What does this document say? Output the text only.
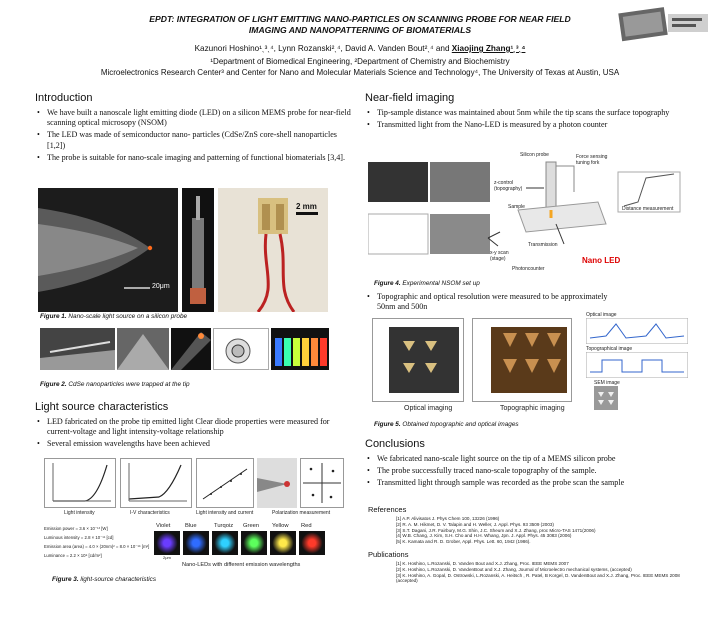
EPDT: INTEGRATION OF LIGHT EMITTING NANO-PARTICLES ON SCANNING PROBE FOR NEAR FIELD
IMAGING AND NANOPATTERNING OF BIOMATERIALS
Kazunori Hoshino¹ˎ³ˎ⁴, Lynn Rozanski²ˎ⁴, David A. Vanden Bout²ˎ⁴ and Xiaojing Zhang¹ˎ³ˎ⁴
¹Department of Biomedical Engineering, ²Department of Chemistry and Biochemistry
Microelectronics Research Center³ and Center for Nano and Molecular Materials Science and Technology⁴, The University of Texas at Austin, USA
Introduction
• We have built a nanoscale light emitting diode (LED) on a silicon MEMS probe for near-field scanning optical microsopy (NSOM)
• The LED was made of semiconductor nano- particles (CdSe/ZnS core-shell nanoparticles [1,2])
• The probe is suitable for nano-scale imaging and patterning of functional biomaterials [3,4].
20μm
2 mm
Figure 1. Nano-scale light source on a silicon probe
Figure 2. CdSe nanoparticles were trapped at the tip
Light source characteristics
• LED fabricated on the probe tip emitted light Clear diode properties were measured for current-voltage and light intensity-voltage relationship
• Several emission wavelengths have been achieved
Light intensity	I-V characteristics	Light intensity and current	Polarization measurement
Emission power = 3.6 × 10⁻¹³ [W]
Luminous intensity = 2.8 × 10⁻¹¹ [cd]
Emission area (area) = 4.0 × (20nm)² = 8.0 × 10⁻¹⁶ [m²]
Luminance = 2.2 × 10⁵ [cd/m²]
Violet	Blue	Turqoiz Green Yellow Red
Nano-LEDs with different emission wavelengths
2μm
Figure 3. light-source characteristics
Near-field imaging
• Tip-sample distance was maintained about 5nm while the tip scans the surface topography
• Transmitted light from the Nano-LED is measured by a photon counter
Silicon probe	Force sensing tuning fork
z-control (topography)
Sample
Transmission
x-y scan (stage)
Photoncounter
Nano LED
Distance measurement
Figure 4. Experimental NSOM set up
• Topographic and optical resolution were measured to be approximately 50nm and 500n
Optical imaging	Topographic imaging
Optical image
Topographical image
SEM image
Figure 5. Obtained topographic and optical images
Conclusions
• We fabricated nano-scale light source on the tip of a MEMS silicon probe
• The probe successfully traced nano-scale topography of the sample.
• Transmitted light through sample was recorded as the probe scan the sample
References
[1] A.P. Alivisatos J. Phys Chem 100, 13226 (1996)
[2] R. A. M. Hikmet, D. V. Talapin and H. Weller, J. Appl. Phys. 93 3509 (2003)
[3] S.T. Dagani, J.R. Fairbury, M.G. Shin, J.C. Sheum and X.J. Zhang, proc Micro-TAS 1471(2006)
[4] W.B. Chang, J. Kim, S.H. Cho and H.H. Whang, Jpn. J. Appl. Phys. 45 3083 (2006)
[5] K. Kamata and R. D. Grober, Appl. Phys. Lett. 60, 1942 (1986).
Publications
[1] K. Hoshino, L.Rozanski, D. Vanden Bout and X.J. Zhang, Proc. IEEE MEMS 2007
[2] K. Hoshino, L.Rozanski, D. VandenBout and X.J. Zhang, Journal of Microelectro mechanical systems, (accepted)
[3] K. Hoshino, A. Gopal, D. Ostrowski, L.Rozanski, A. Heitsch , R. Patel, B Korgel, D. VandenBout and X.J. Zhang, Proc. IEEE MEMS 2008
(accepted)
